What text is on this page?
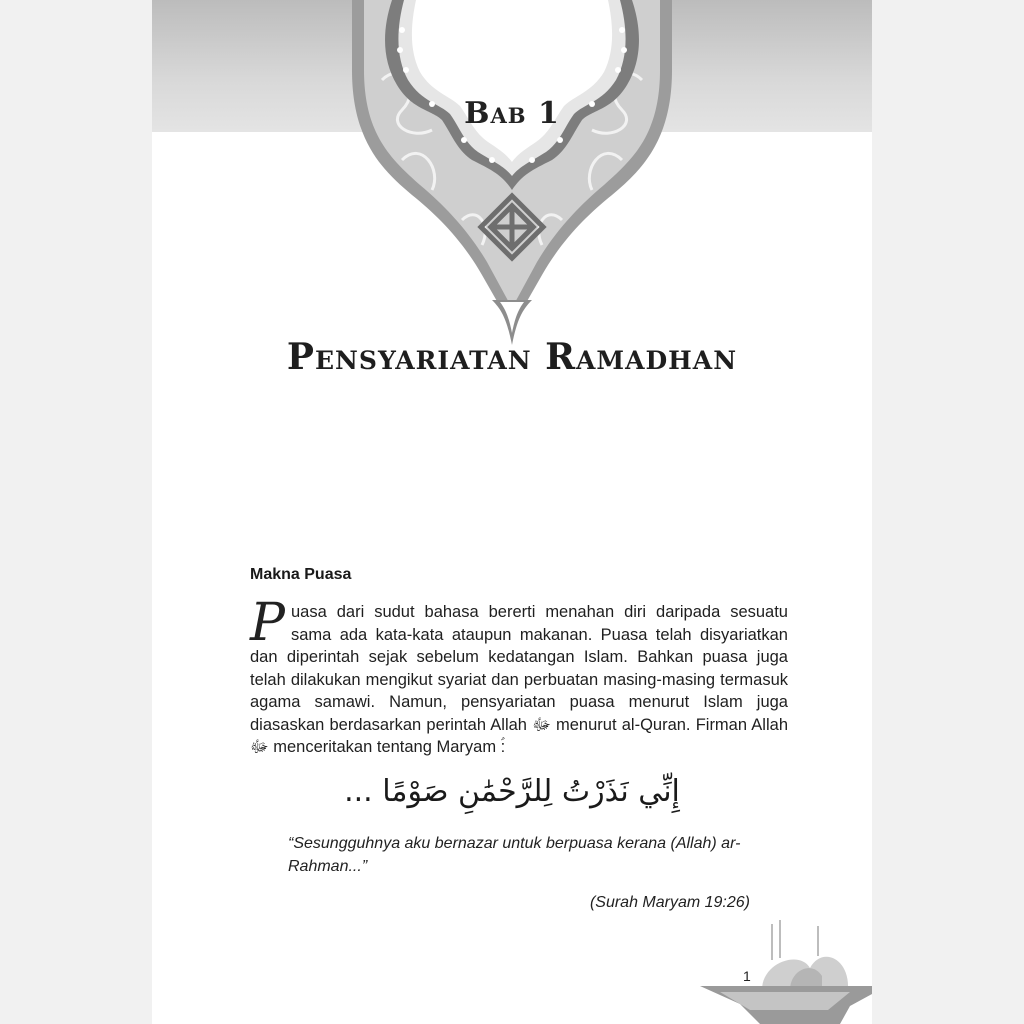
Bab 1
Pensyariatan Ramadhan
Makna Puasa

Puasa dari sudut bahasa bererti menahan diri daripada sesuatu sama ada kata-kata ataupun makanan. Puasa telah disyariatkan dan diperintah sejak sebelum kedatangan Islam. Bahkan puasa juga telah dilakukan mengikut syariat dan perbuatan masing-masing termasuk agama samawi. Namun, pensyariatan puasa menurut Islam juga diasaskan berdasarkan perintah Allah ﷻ menurut al-Quran. Firman Allah ﷻ menceritakan tentang Maryam ؑ:

إِنِّي نَذَرْتُ لِلرَّحْمَٰنِ صَوْمًا ...

“Sesungguhnya aku bernazar untuk berpuasa kerana (Allah) ar-Rahman...”

(Surah Maryam 19:26)
1
